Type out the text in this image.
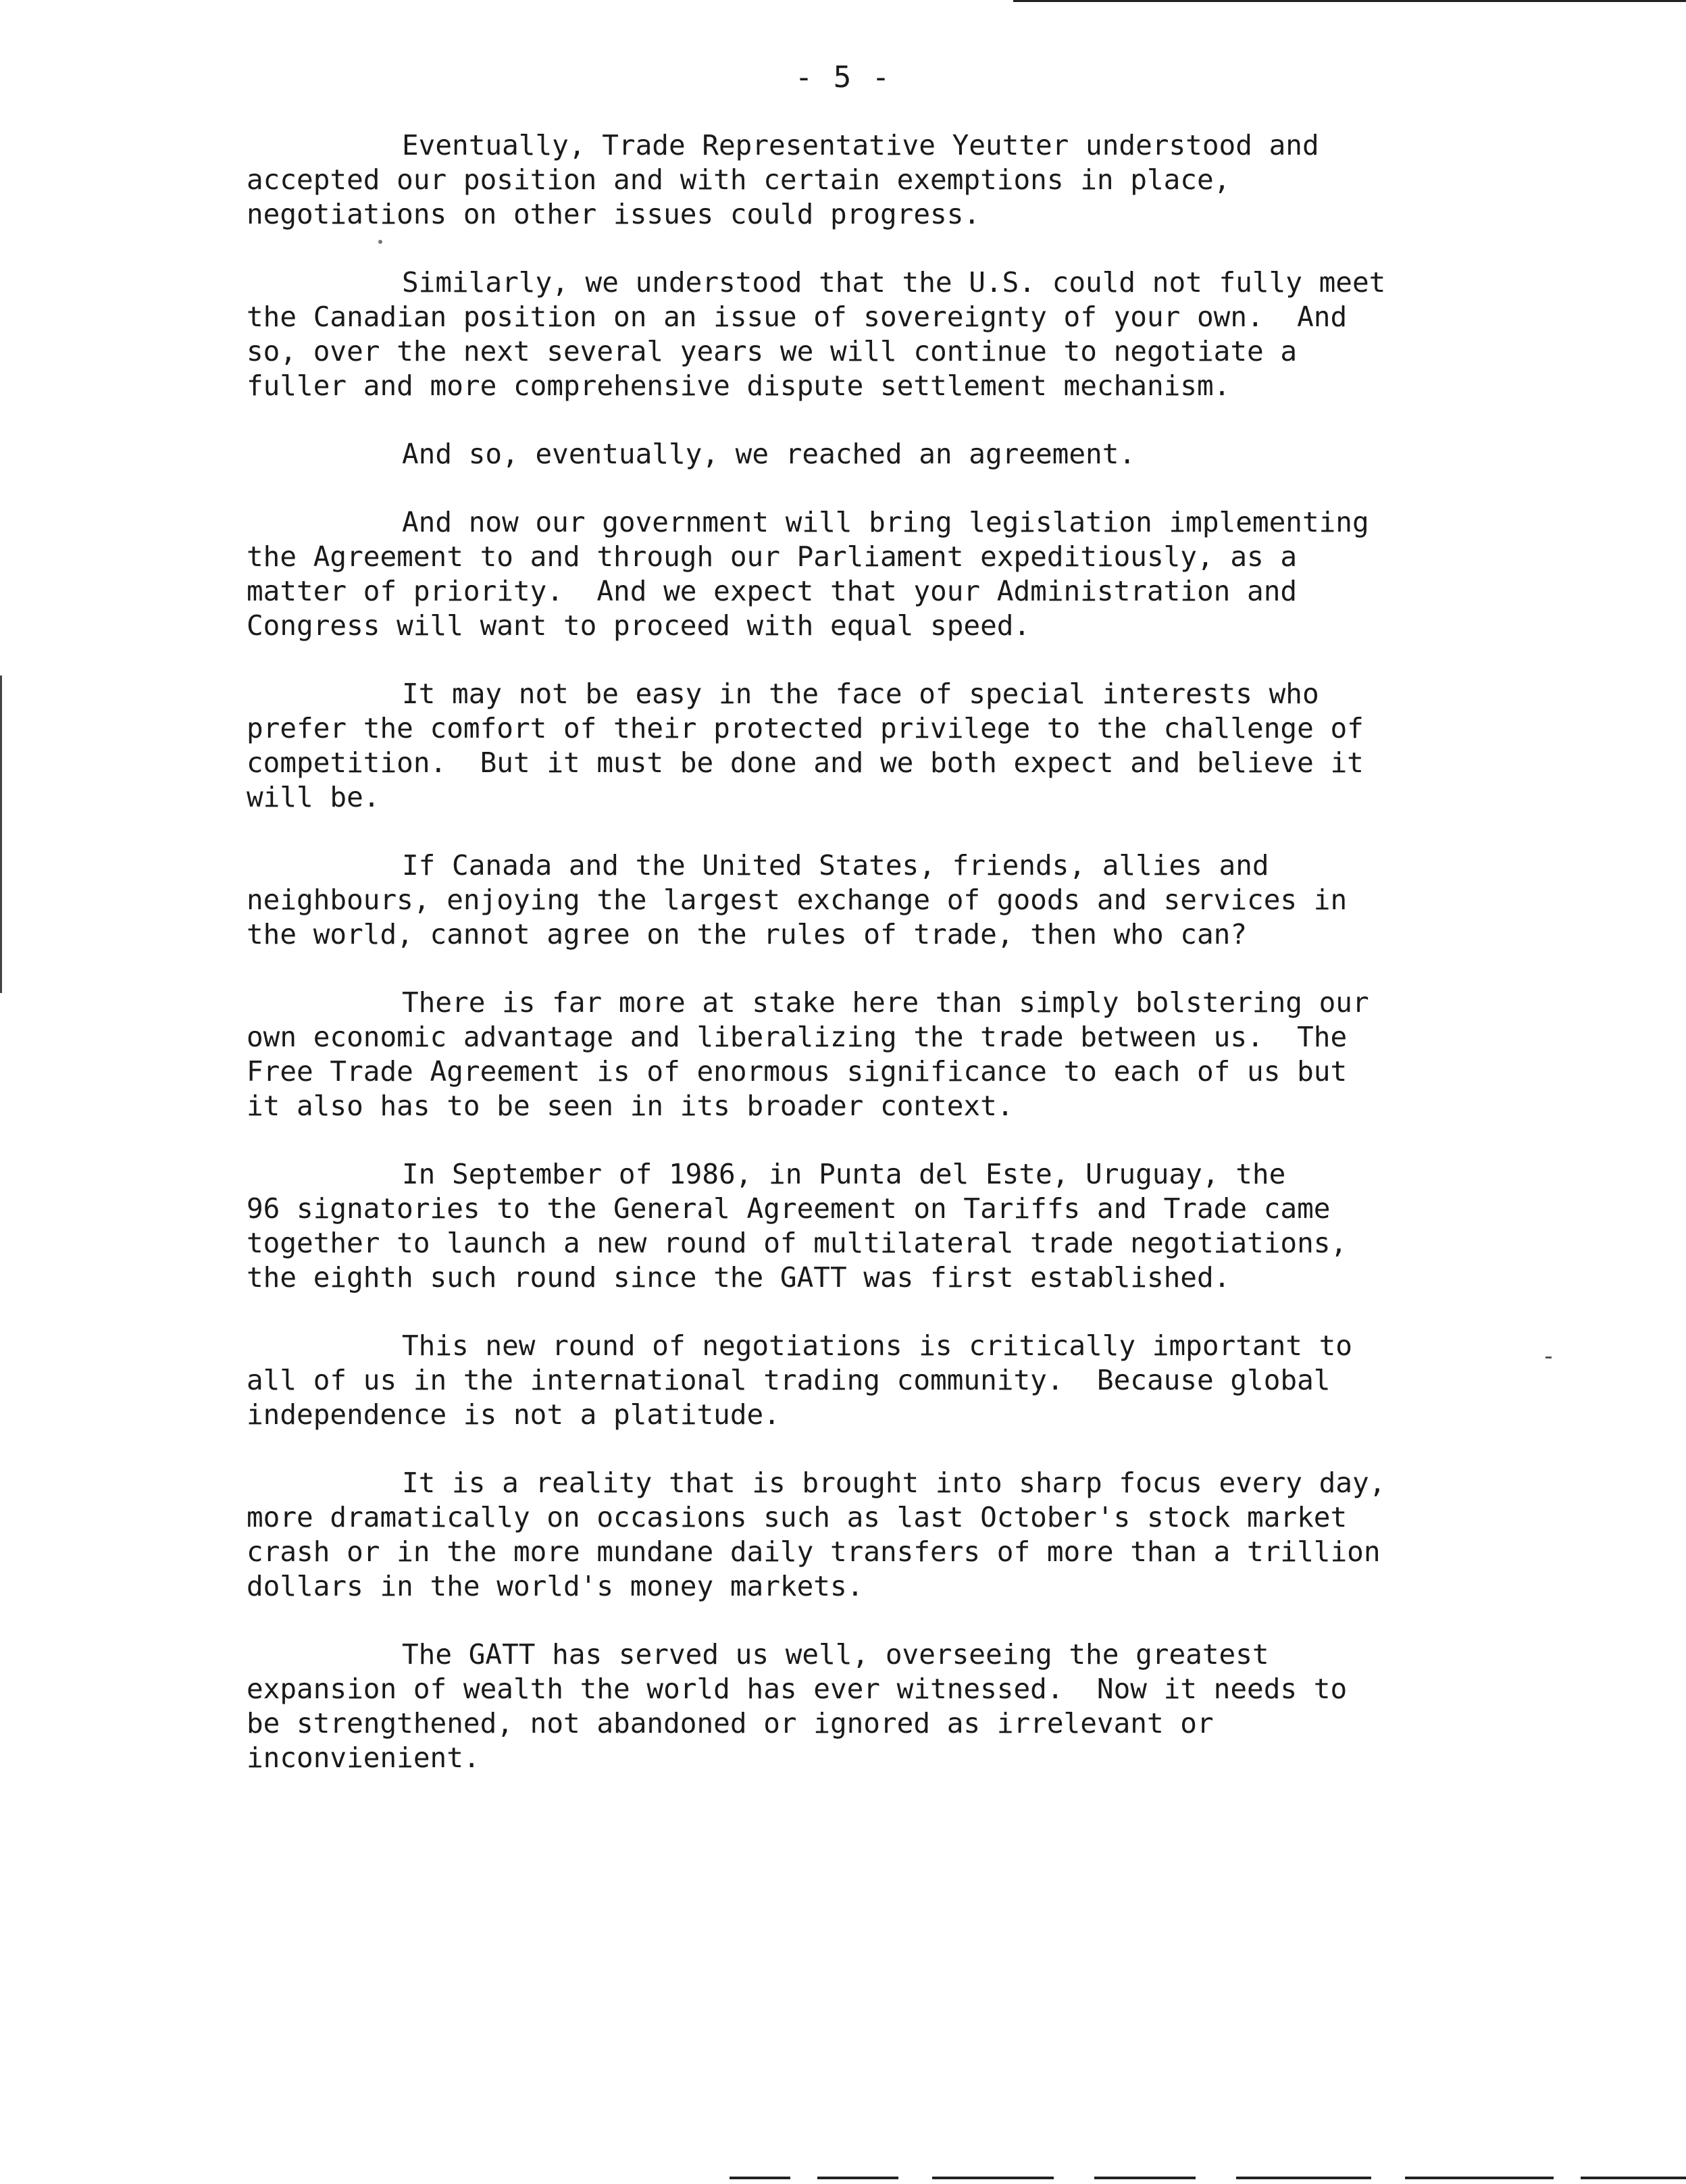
- 5 -

Eventually, Trade Representative Yeutter understood and
accepted our position and with certain exemptions in place,
negotiations on other issues could progress.

Similarly, we understood that the U.S. could not fully meet
the Canadian position on an issue of sovereignty of your own.  And
so, over the next several years we will continue to negotiate a
fuller and more comprehensive dispute settlement mechanism.

And so, eventually, we reached an agreement.

And now our government will bring legislation implementing
the Agreement to and through our Parliament expeditiously, as a
matter of priority.  And we expect that your Administration and
Congress will want to proceed with equal speed.

It may not be easy in the face of special interests who
prefer the comfort of their protected privilege to the challenge of
competition.  But it must be done and we both expect and believe it
will be.

If Canada and the United States, friends, allies and
neighbours, enjoying the largest exchange of goods and services in
the world, cannot agree on the rules of trade, then who can?

There is far more at stake here than simply bolstering our
own economic advantage and liberalizing the trade between us.  The
Free Trade Agreement is of enormous significance to each of us but
it also has to be seen in its broader context.

In September of 1986, in Punta del Este, Uruguay, the
96 signatories to the General Agreement on Tariffs and Trade came
together to launch a new round of multilateral trade negotiations,
the eighth such round since the GATT was first established.

This new round of negotiations is critically important to
all of us in the international trading community.  Because global
independence is not a platitude.

It is a reality that is brought into sharp focus every day,
more dramatically on occasions such as last October's stock market
crash or in the more mundane daily transfers of more than a trillion
dollars in the world's money markets.

The GATT has served us well, overseeing the greatest
expansion of wealth the world has ever witnessed.  Now it needs to
be strengthened, not abandoned or ignored as irrelevant or
inconvienient.
